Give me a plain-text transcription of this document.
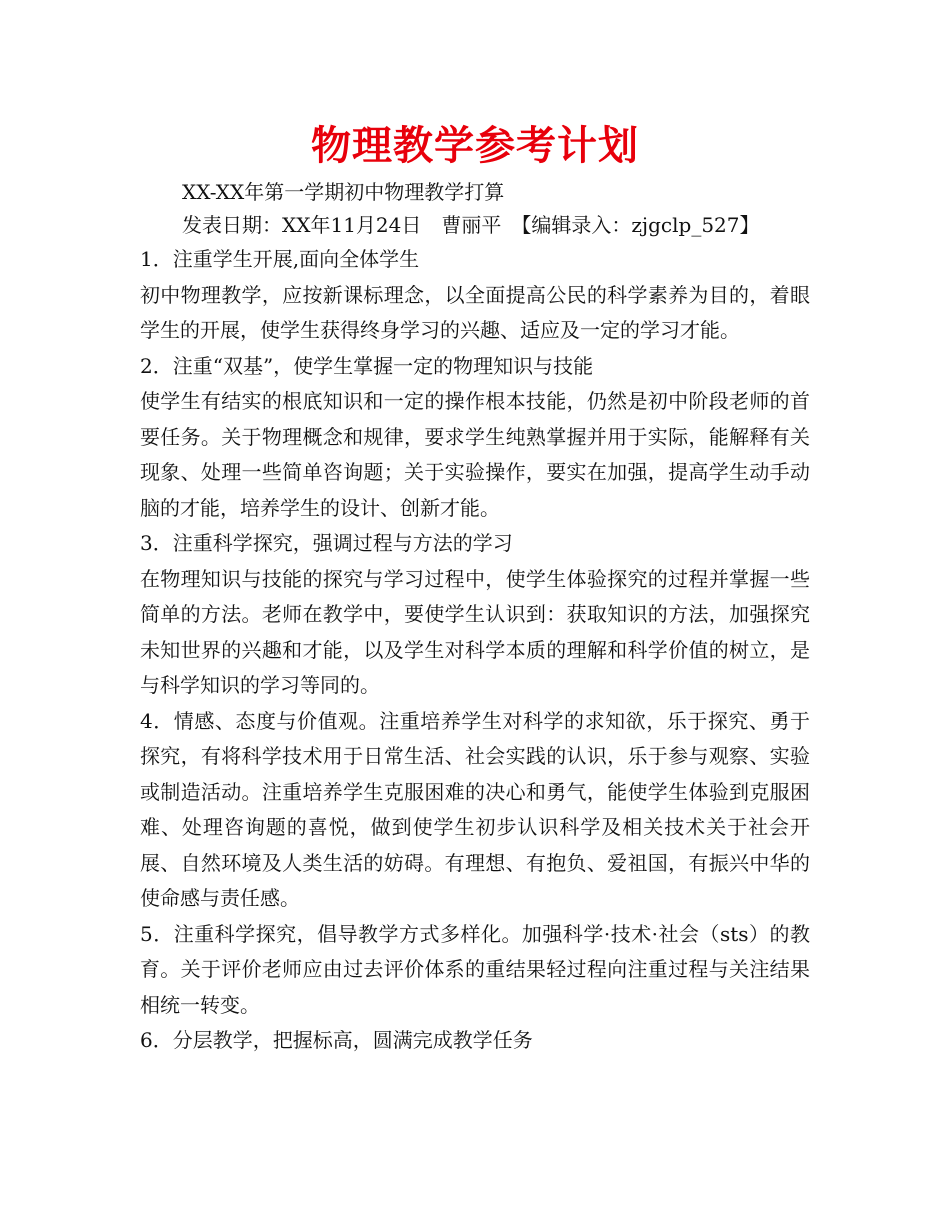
物理教学参考计划

XX-XX年第一学期初中物理教学打算

发表日期：XX年11月24日　曹丽平　【编辑录入：zjgclp_527】

1．注重学生开展,面向全体学生

初中物理教学，应按新课标理念，以全面提高公民的科学素养为目的，着眼学生的开展，使学生获得终身学习的兴趣、适应及一定的学习才能。

2．注重“双基”，使学生掌握一定的物理知识与技能

使学生有结实的根底知识和一定的操作根本技能，仍然是初中阶段老师的首要任务。关于物理概念和规律，要求学生纯熟掌握并用于实际，能解释有关现象、处理一些简单咨询题；关于实验操作，要实在加强，提高学生动手动脑的才能，培养学生的设计、创新才能。

3．注重科学探究，强调过程与方法的学习

在物理知识与技能的探究与学习过程中，使学生体验探究的过程并掌握一些简单的方法。老师在教学中，要使学生认识到：获取知识的方法，加强探究未知世界的兴趣和才能，以及学生对科学本质的理解和科学价值的树立，是与科学知识的学习等同的。

4．情感、态度与价值观。注重培养学生对科学的求知欲，乐于探究、勇于探究，有将科学技术用于日常生活、社会实践的认识，乐于参与观察、实验或制造活动。注重培养学生克服困难的决心和勇气，能使学生体验到克服困难、处理咨询题的喜悦，做到使学生初步认识科学及相关技术关于社会开展、自然环境及人类生活的妨碍。有理想、有抱负、爱祖国，有振兴中华的使命感与责任感。

5．注重科学探究，倡导教学方式多样化。加强科学·技术·社会（sts）的教育。关于评价老师应由过去评价体系的重结果轻过程向注重过程与关注结果相统一转变。

6．分层教学，把握标高，圆满完成教学任务
